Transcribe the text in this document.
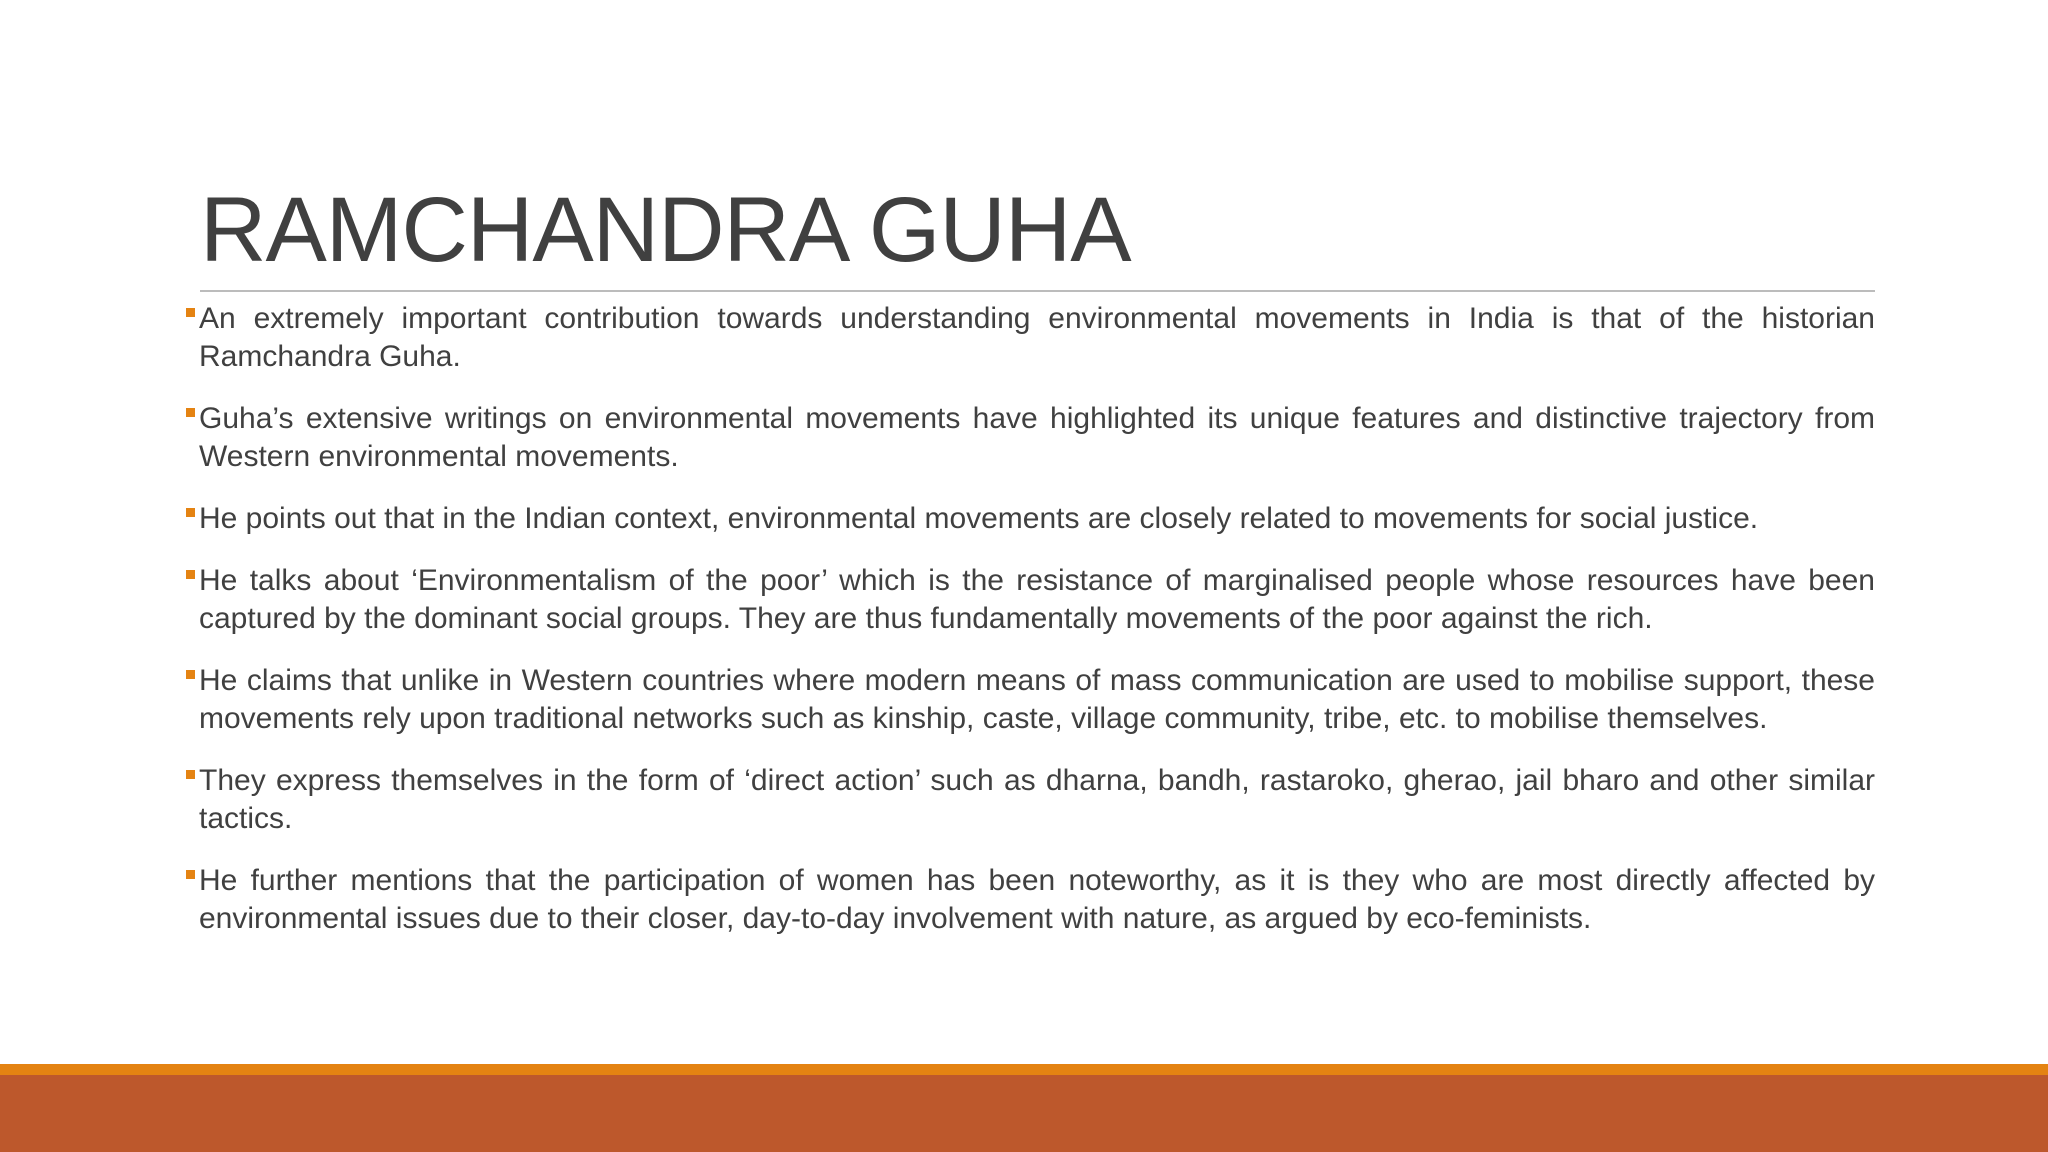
RAMCHANDRA GUHA
An extremely important contribution towards understanding environmental movements in India is that of the historian Ramchandra Guha.
Guha’s extensive writings on environmental movements have highlighted its unique features and distinctive trajectory from Western environmental movements.
He points out that in the Indian context, environmental movements are closely related to movements for social justice.
He talks about ‘Environmentalism of the poor’ which is the resistance of marginalised people whose resources have been captured by the dominant social groups. They are thus fundamentally movements of the poor against the rich.
He claims that unlike in Western countries where modern means of mass communication are used to mobilise support, these movements rely upon traditional networks such as kinship, caste, village community, tribe, etc. to mobilise themselves.
They express themselves in the form of ‘direct action’ such as dharna, bandh, rastaroko, gherao, jail bharo and other similar tactics.
He further mentions that the participation of women has been noteworthy, as it is they who are most directly affected by environmental issues due to their closer, day-to-day involvement with nature, as argued by eco-feminists.
